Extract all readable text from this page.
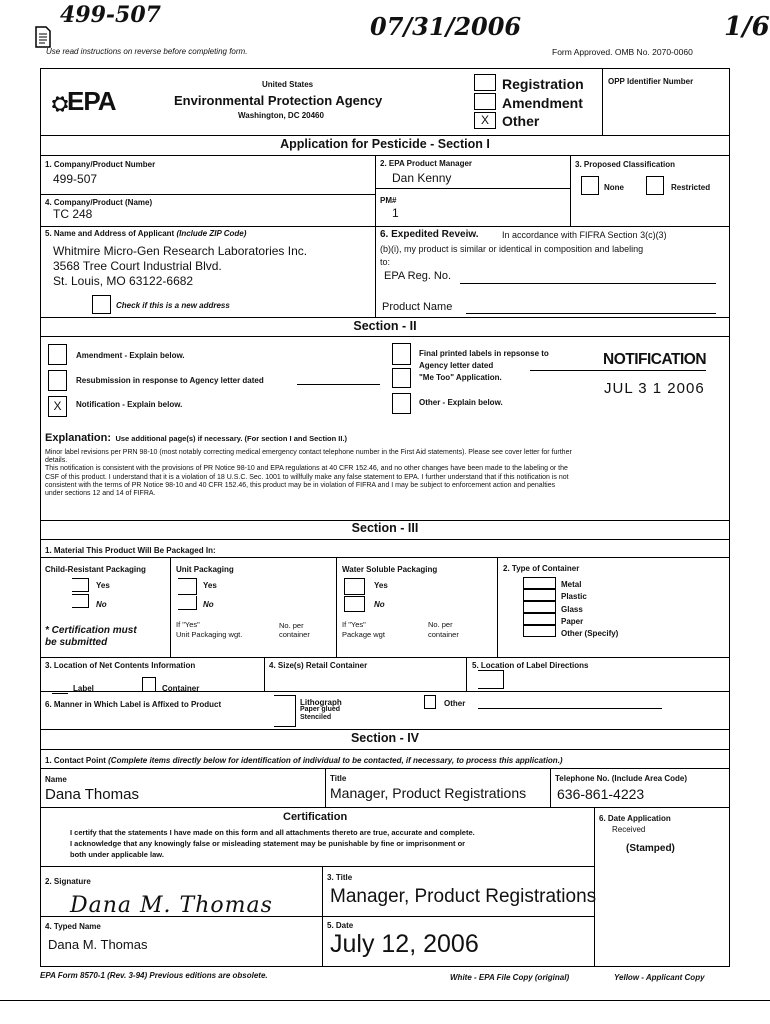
499-507	07/31/2006	1/6
Use read instructions on reverse before completing form.	Form Approved. OMB No. 2070-0060
⛭EPA
United States
Environmental Protection Agency
Washington, DC 20460
Registration
Amendment
X Other
OPP Identifier Number
Application for Pesticide - Section I
1. Company/Product Number
499-507
2. EPA Product Manager
Dan Kenny
3. Proposed Classification
None	Restricted
4. Company/Product (Name)
TC 248
PM#
1
5. Name and Address of Applicant (Include ZIP Code)
Whitmire Micro-Gen Research Laboratories Inc.
3568 Tree Court Industrial Blvd.
St. Louis, MO 63122-6682
Check if this is a new address
6. Expedited Reveiw.	In accordance with FIFRA Section 3(c)(3)
(b)(i), my product is similar or identical in composition and labeling
to:
EPA Reg. No.
Product Name
Section - II
Amendment - Explain below.
Resubmission in response to Agency letter dated
X	Notification - Explain below.
Final printed labels in repsonse to
Agency letter dated
"Me Too" Application.
Other - Explain below.
NOTIFICATION
JUL 3 1 2006
Explanation: Use additional page(s) if necessary. (For section I and Section II.)
Minor label revisions per PRN 98-10 (most notably correcting medical emergency contact telephone number in the First Aid statements). Please see cover letter for further
details.
This notification is consistent with the provisions of PR Notice 98-10 and EPA regulations at 40 CFR 152.46, and no other changes have been made to the labeling or the
CSF of this product. I understand that it is a violation of 18 U.S.C. Sec. 1001 to willfully make any false statement to EPA. I further understand that if this notification is not
consistent with the terms of PR Notice 98-10 and 40 CFR 152.46, this product may be in violation of FIFRA and I may be subject to enforcement action and penalties
under sections 12 and 14 of FIFRA.
Section - III
1. Material This Product Will Be Packaged In:
Child-Resistant Packaging
Yes
No
* Certification must
be submitted
Unit Packaging
Yes
No
If "Yes"
Unit Packaging wgt.
No. per
container
Water Soluble Packaging
Yes
No
If "Yes"
Package wgt
No. per
container
2. Type of Container
Metal
Plastic
Glass
Paper
Other (Specify)
3. Location of Net Contents Information
Label	Container
4. Size(s) Retail Container	5. Location of Label Directions
6. Manner in Which Label is Affixed to Product	Lithograph
Paper glued
Stenciled
Other
Section - IV
1. Contact Point (Complete items directly below for identification of individual to be contacted, if necessary, to process this application.)
Name
Dana Thomas
Title
Manager, Product Registrations
Telephone No. (Include Area Code)
636-861-4223
Certification
I certify that the statements I have made on this form and all attachments thereto are true, accurate and complete.
I acknowledge that any knowingly false or misleading statement may be punishable by fine or imprisonment or
both under applicable law.
6. Date Application
Received
(Stamped)
2. Signature
Dana M. Thomas
3. Title
Manager, Product Registrations
4. Typed Name
Dana M. Thomas
5. Date
July 12, 2006
EPA Form 8570-1 (Rev. 3-94) Previous editions are obsolete.	White - EPA File Copy (original)	Yellow - Applicant Copy
